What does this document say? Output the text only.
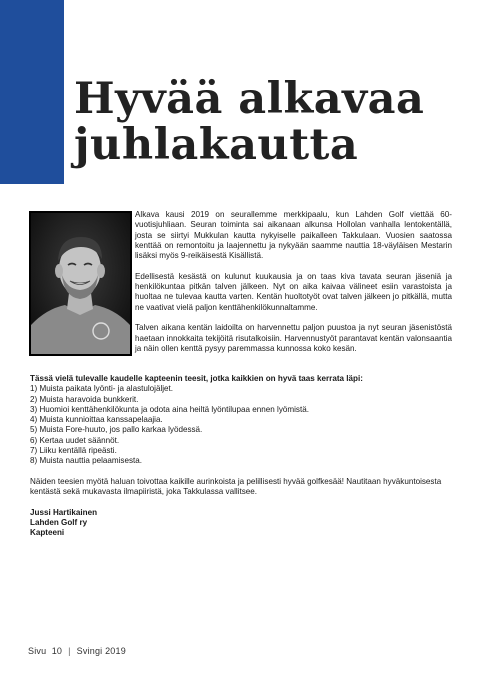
Hyvää alkavaa
juhlakautta

Alkava kausi 2019 on seurallemme merkkipaalu, kun Lahden Golf viettää 60-vuotisjuhliaan. Seuran toiminta sai aikanaan alkunsa Hollolan vanhalla lentokentällä, josta se siirtyi Mukkulan kautta nykyiselle paikalleen Takkulaan. Vuosien saatossa kenttää on remontoitu ja laajennettu ja nykyään saamme nauttia 18-väyläisen Mestarin lisäksi myös 9-reikäisestä Kisällistä.

Edellisestä kesästä on kulunut kuukausia ja on taas kiva tavata seuran jäseniä ja henkilökuntaa pitkän talven jälkeen. Nyt on aika kaivaa välineet esiin varastoista ja huoltaa ne tulevaa kautta varten. Kentän huoltotyöt ovat talven jälkeen jo pitkällä, mutta ne vaativat vielä paljon kenttähenkilökunnaltamme.

Talven aikana kentän laidoilta on harvennettu paljon puustoa ja nyt seuran jäsenistöstä haetaan innokkaita tekijöitä risutalkoisiin. Harvennustyöt parantavat kentän valonsaantia ja näin ollen kenttä pysyy paremmassa kunnossa koko kesän.

Tässä vielä tulevalle kaudelle kapteenin teesit, jotka kaikkien on hyvä taas kerrata läpi:
1) Muista paikata lyönti- ja alastulojäljet.
2) Muista haravoida bunkkerit.
3) Huomioi kenttähenkilökunta ja odota aina heiltä lyöntilupaa ennen lyömistä.
4) Muista kunnioittaa kanssapelaajia.
5) Muista Fore-huuto, jos pallo karkaa lyödessä.
6) Kertaa uudet säännöt.
7) Liiku kentällä ripeästi.
8) Muista nauttia pelaamisesta.
Näiden teesien myötä haluan toivottaa kaikille aurinkoista ja pelillisesti hyvää golfkesää! Nautitaan hyväkuntoisesta kentästä sekä mukavasta ilmapiiristä, joka Takkulassa vallitsee.
Jussi Hartikainen
Lahden Golf ry
Kapteeni
Sivu  10 | Svingi 2019
